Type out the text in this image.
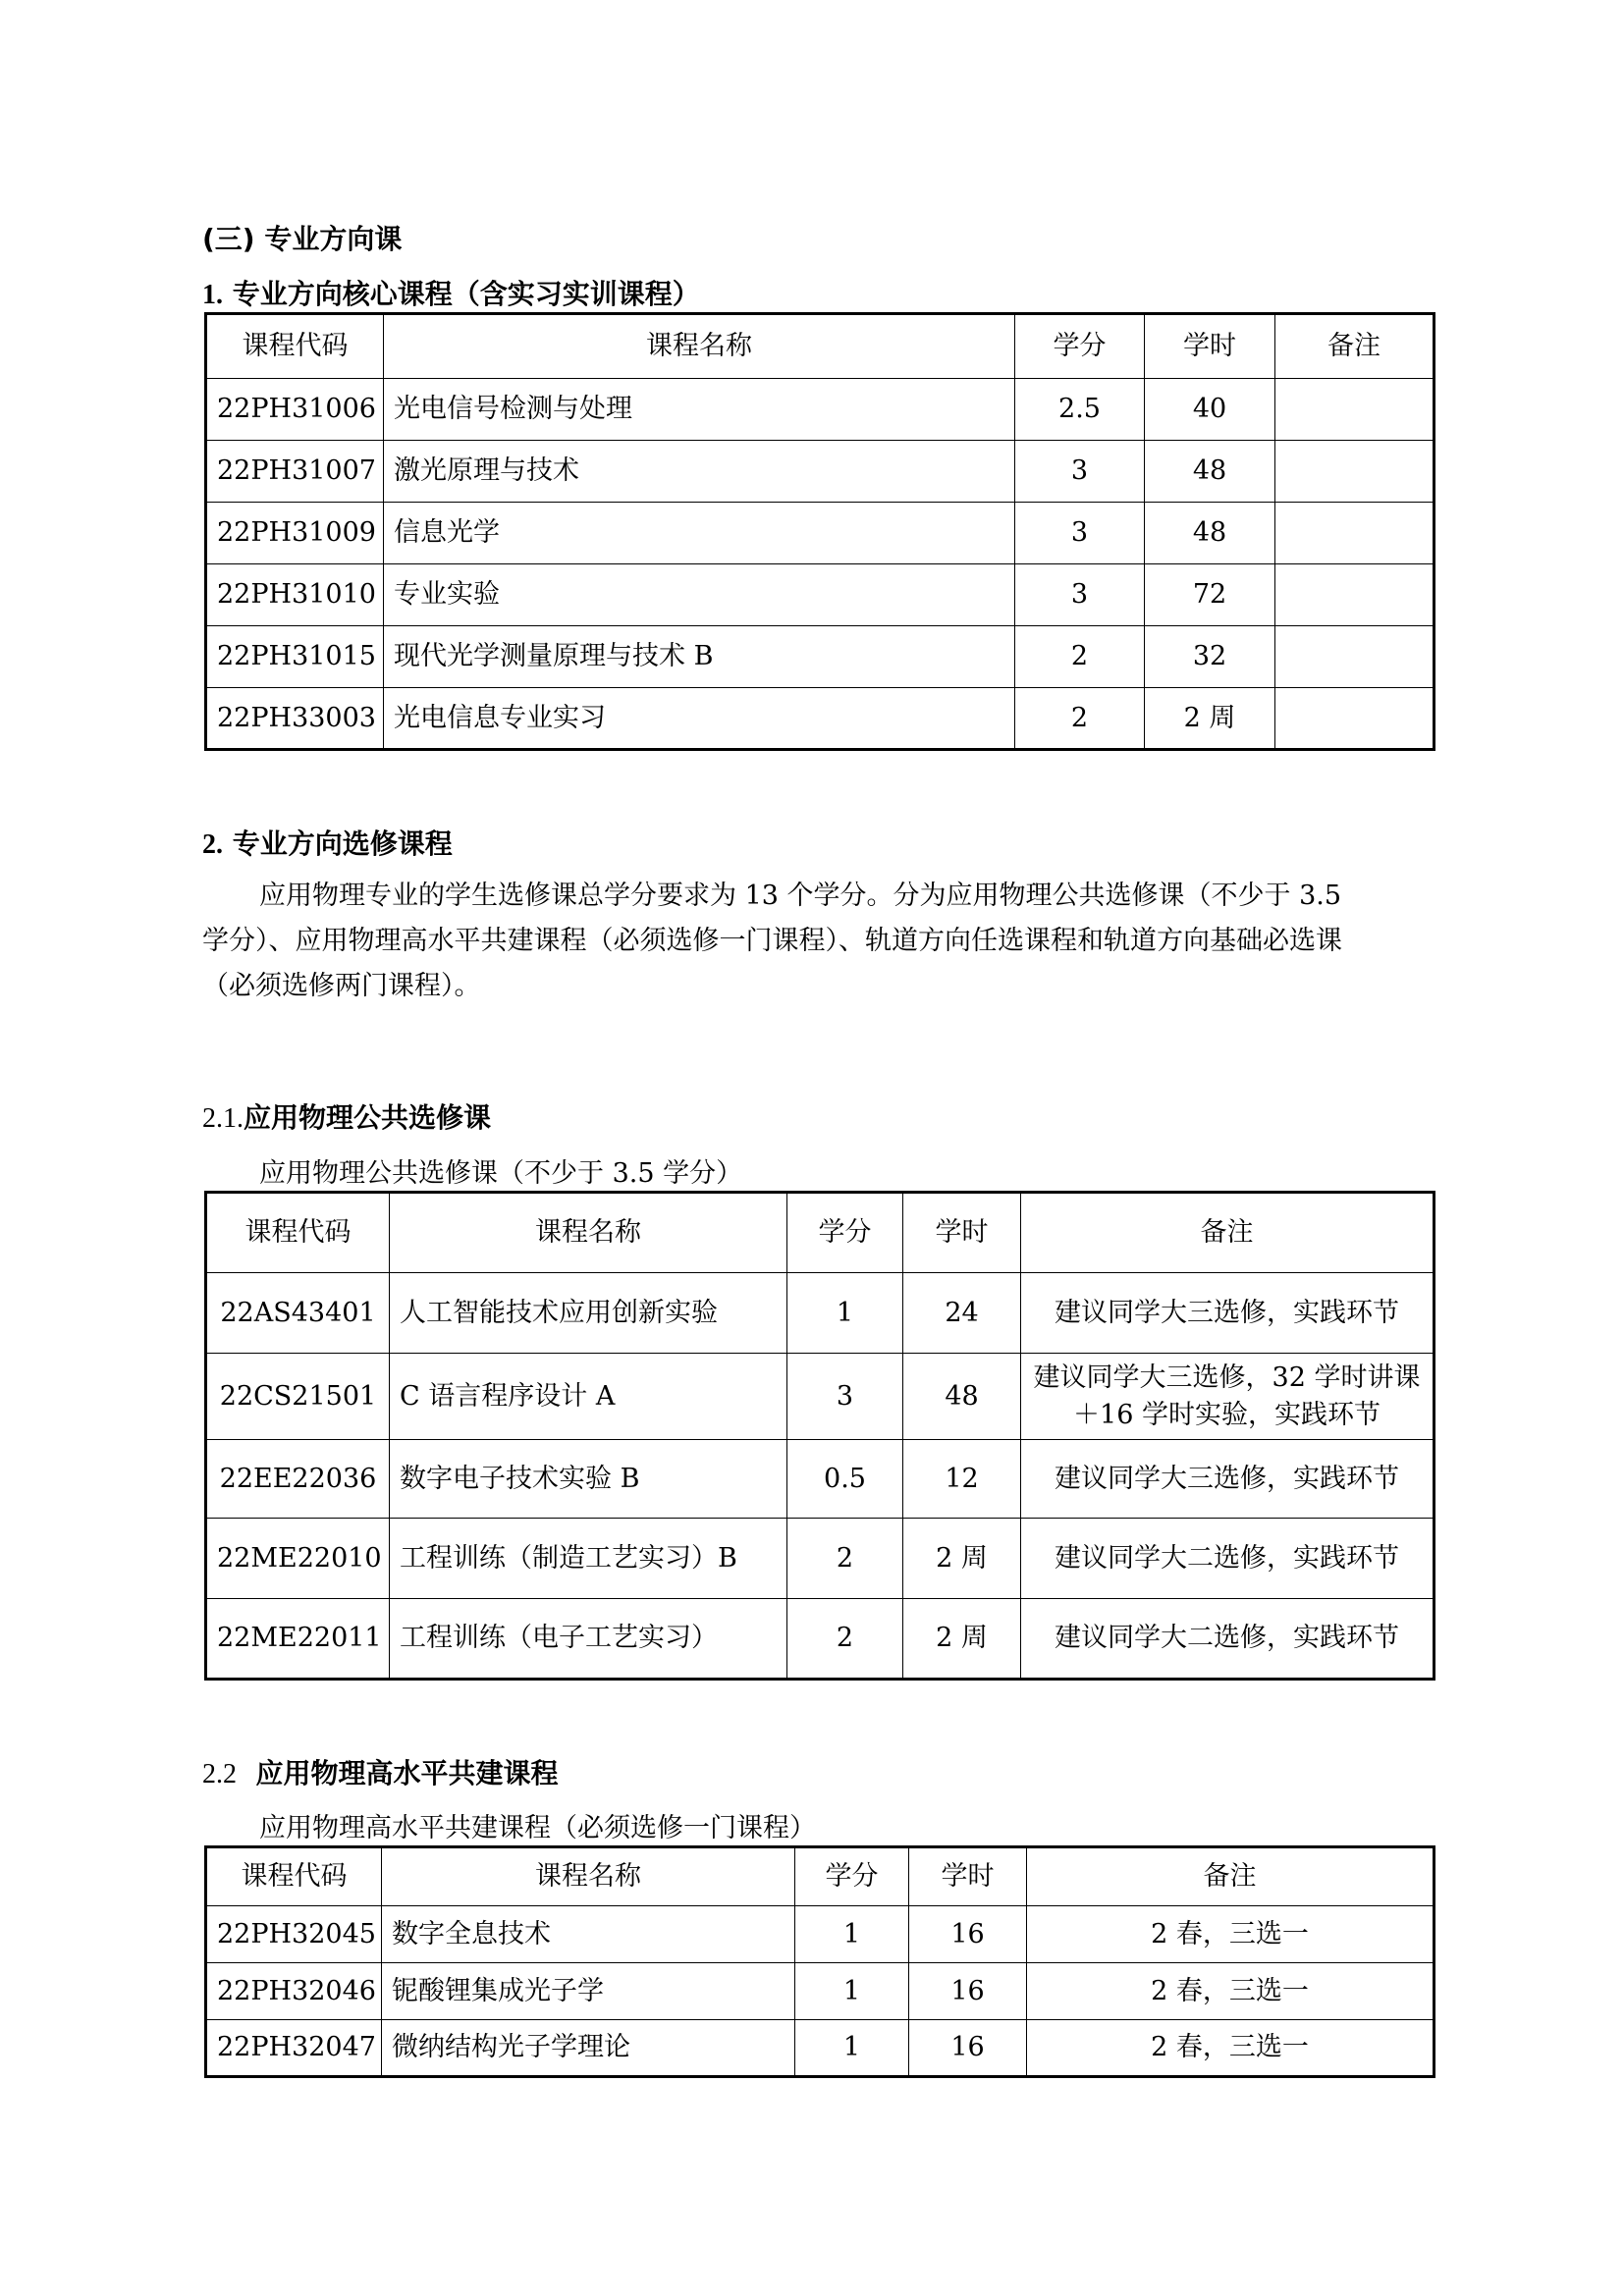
(三) 专业方向课
1. 专业方向核心课程（含实习实训课程）
课程代码	课程名称	学分	学时	备注
22PH31006	光电信号检测与处理	2.5	40	
22PH31007	激光原理与技术	3	48	
22PH31009	信息光学	3	48	
22PH31010	专业实验	3	72	
22PH31015	现代光学测量原理与技术 B	2	32	
22PH33003	光电信息专业实习	2	2 周	
2. 专业方向选修课程
应用物理专业的学生选修课总学分要求为 13 个学分。分为应用物理公共选修课（不少于 3.5
学分）、应用物理高水平共建课程（必须选修一门课程）、轨道方向任选课程和轨道方向基础必选课
（必须选修两门课程）。
2.1.应用物理公共选修课
应用物理公共选修课（不少于 3.5 学分）
课程代码	课程名称	学分	学时	备注
22AS43401	人工智能技术应用创新实验	1	24	建议同学大三选修，实践环节
22CS21501	C 语言程序设计 A	3	48	建议同学大三选修，32 学时讲课＋16 学时实验，实践环节
22EE22036	数字电子技术实验 B	0.5	12	建议同学大三选修，实践环节
22ME22010	工程训练（制造工艺实习）B	2	2 周	建议同学大二选修，实践环节
22ME22011	工程训练（电子工艺实习）	2	2 周	建议同学大二选修，实践环节
2.2 应用物理高水平共建课程
应用物理高水平共建课程（必须选修一门课程）
课程代码	课程名称	学分	学时	备注
22PH32045	数字全息技术	1	16	2 春，三选一
22PH32046	铌酸锂集成光子学	1	16	2 春，三选一
22PH32047	微纳结构光子学理论	1	16	2 春，三选一
